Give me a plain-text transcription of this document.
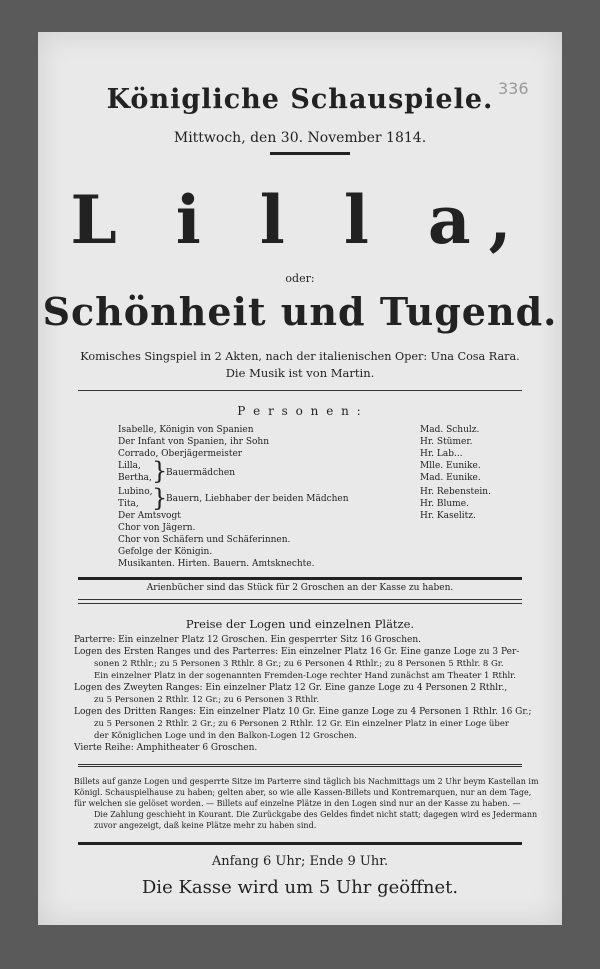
336
Königliche Schauspiele.
Mittwoch, den 30. November 1814.
L i l l a,
oder:
Schönheit und Tugend.
Komisches Singspiel in 2 Akten, nach der italienischen Oper: Una Cosa Rara.
Die Musik ist von Martin.
P e r s o n e n :
Isabelle, Königin von Spanien	Mad. Schulz.
Der Infant von Spanien, ihr Sohn	Hr. Stümer.
Corrado, Oberjägermeister	Hr. Lab...
Lilla,	Mlle. Eunike.
Bertha,	Mad. Eunike.
}
Bauermädchen
Lubino,	Hr. Rebenstein.
Tita,	Hr. Blume.
}
Bauern, Liebhaber der beiden Mädchen
Der Amtsvogt	Hr. Kaselitz.
Chor von Jägern.
Chor von Schäfern und Schäferinnen.
Gefolge der Königin.
Musikanten. Hirten. Bauern. Amtsknechte.
Arienbücher sind das Stück für 2 Groschen an der Kasse zu haben.
Preise der Logen und einzelnen Plätze.
Parterre: Ein einzelner Platz 12 Groschen. Ein gesperrter Sitz 16 Groschen.
Logen des Ersten Ranges und des Parterres: Ein einzelner Platz 16 Gr. Eine ganze Loge zu 3 Per-
sonen 2 Rthlr.; zu 5 Personen 3 Rthlr. 8 Gr.; zu 6 Personen 4 Rthlr.; zu 8 Personen 5 Rthlr. 8 Gr.
Ein einzelner Platz in der sogenannten Fremden-Loge rechter Hand zunächst am Theater 1 Rthlr.
Logen des Zweyten Ranges: Ein einzelner Platz 12 Gr. Eine ganze Loge zu 4 Personen 2 Rthlr.,
zu 5 Personen 2 Rthlr. 12 Gr.; zu 6 Personen 3 Rthlr.
Logen des Dritten Ranges: Ein einzelner Platz 10 Gr. Eine ganze Loge zu 4 Personen 1 Rthlr. 16 Gr.;
zu 5 Personen 2 Rthlr. 2 Gr.; zu 6 Personen 2 Rthlr. 12 Gr. Ein einzelner Platz in einer Loge über
der Königlichen Loge und in den Balkon-Logen 12 Groschen.
Vierte Reihe: Amphitheater 6 Groschen.
Billets auf ganze Logen und gesperrte Sitze im Parterre sind täglich bis Nachmittags um 2 Uhr beym Kastellan im
Königl. Schauspielhause zu haben; gelten aber, so wie alle Kassen-Billets und Kontremarquen, nur an dem Tage,
für welchen sie gelöset worden. — Billets auf einzelne Plätze in den Logen sind nur an der Kasse zu haben. —
Die Zahlung geschieht in Kourant. Die Zurückgabe des Geldes findet nicht statt; dagegen wird es Jedermann
zuvor angezeigt, daß keine Plätze mehr zu haben sind.
Anfang 6 Uhr; Ende 9 Uhr.
Die Kasse wird um 5 Uhr geöffnet.
